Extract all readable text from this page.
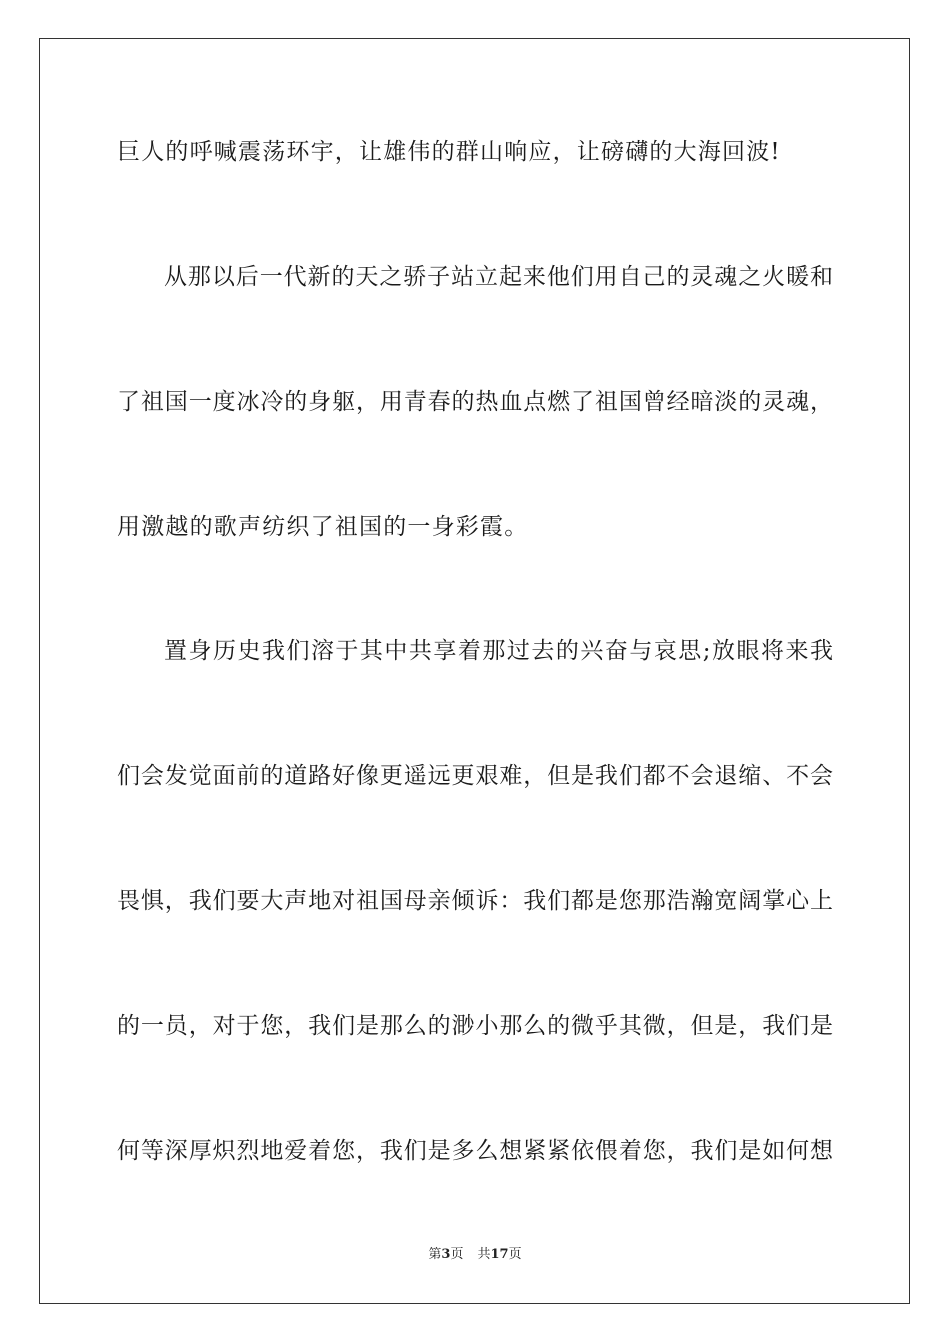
巨人的呼喊震荡环宇，让雄伟的群山响应，让磅礴的大海回波!
从那以后一代新的天之骄子站立起来他们用自己的灵魂之火暖和
了祖国一度冰冷的身躯，用青春的热血点燃了祖国曾经暗淡的灵魂，
用激越的歌声纺织了祖国的一身彩霞。
置身历史我们溶于其中共享着那过去的兴奋与哀思;放眼将来我
们会发觉面前的道路好像更遥远更艰难，但是我们都不会退缩、不会
畏惧，我们要大声地对祖国母亲倾诉：我们都是您那浩瀚宽阔掌心上
的一员，对于您，我们是那么的渺小那么的微乎其微，但是，我们是
何等深厚炽烈地爱着您，我们是多么想紧紧依偎着您，我们是如何想
第3页 共17页
